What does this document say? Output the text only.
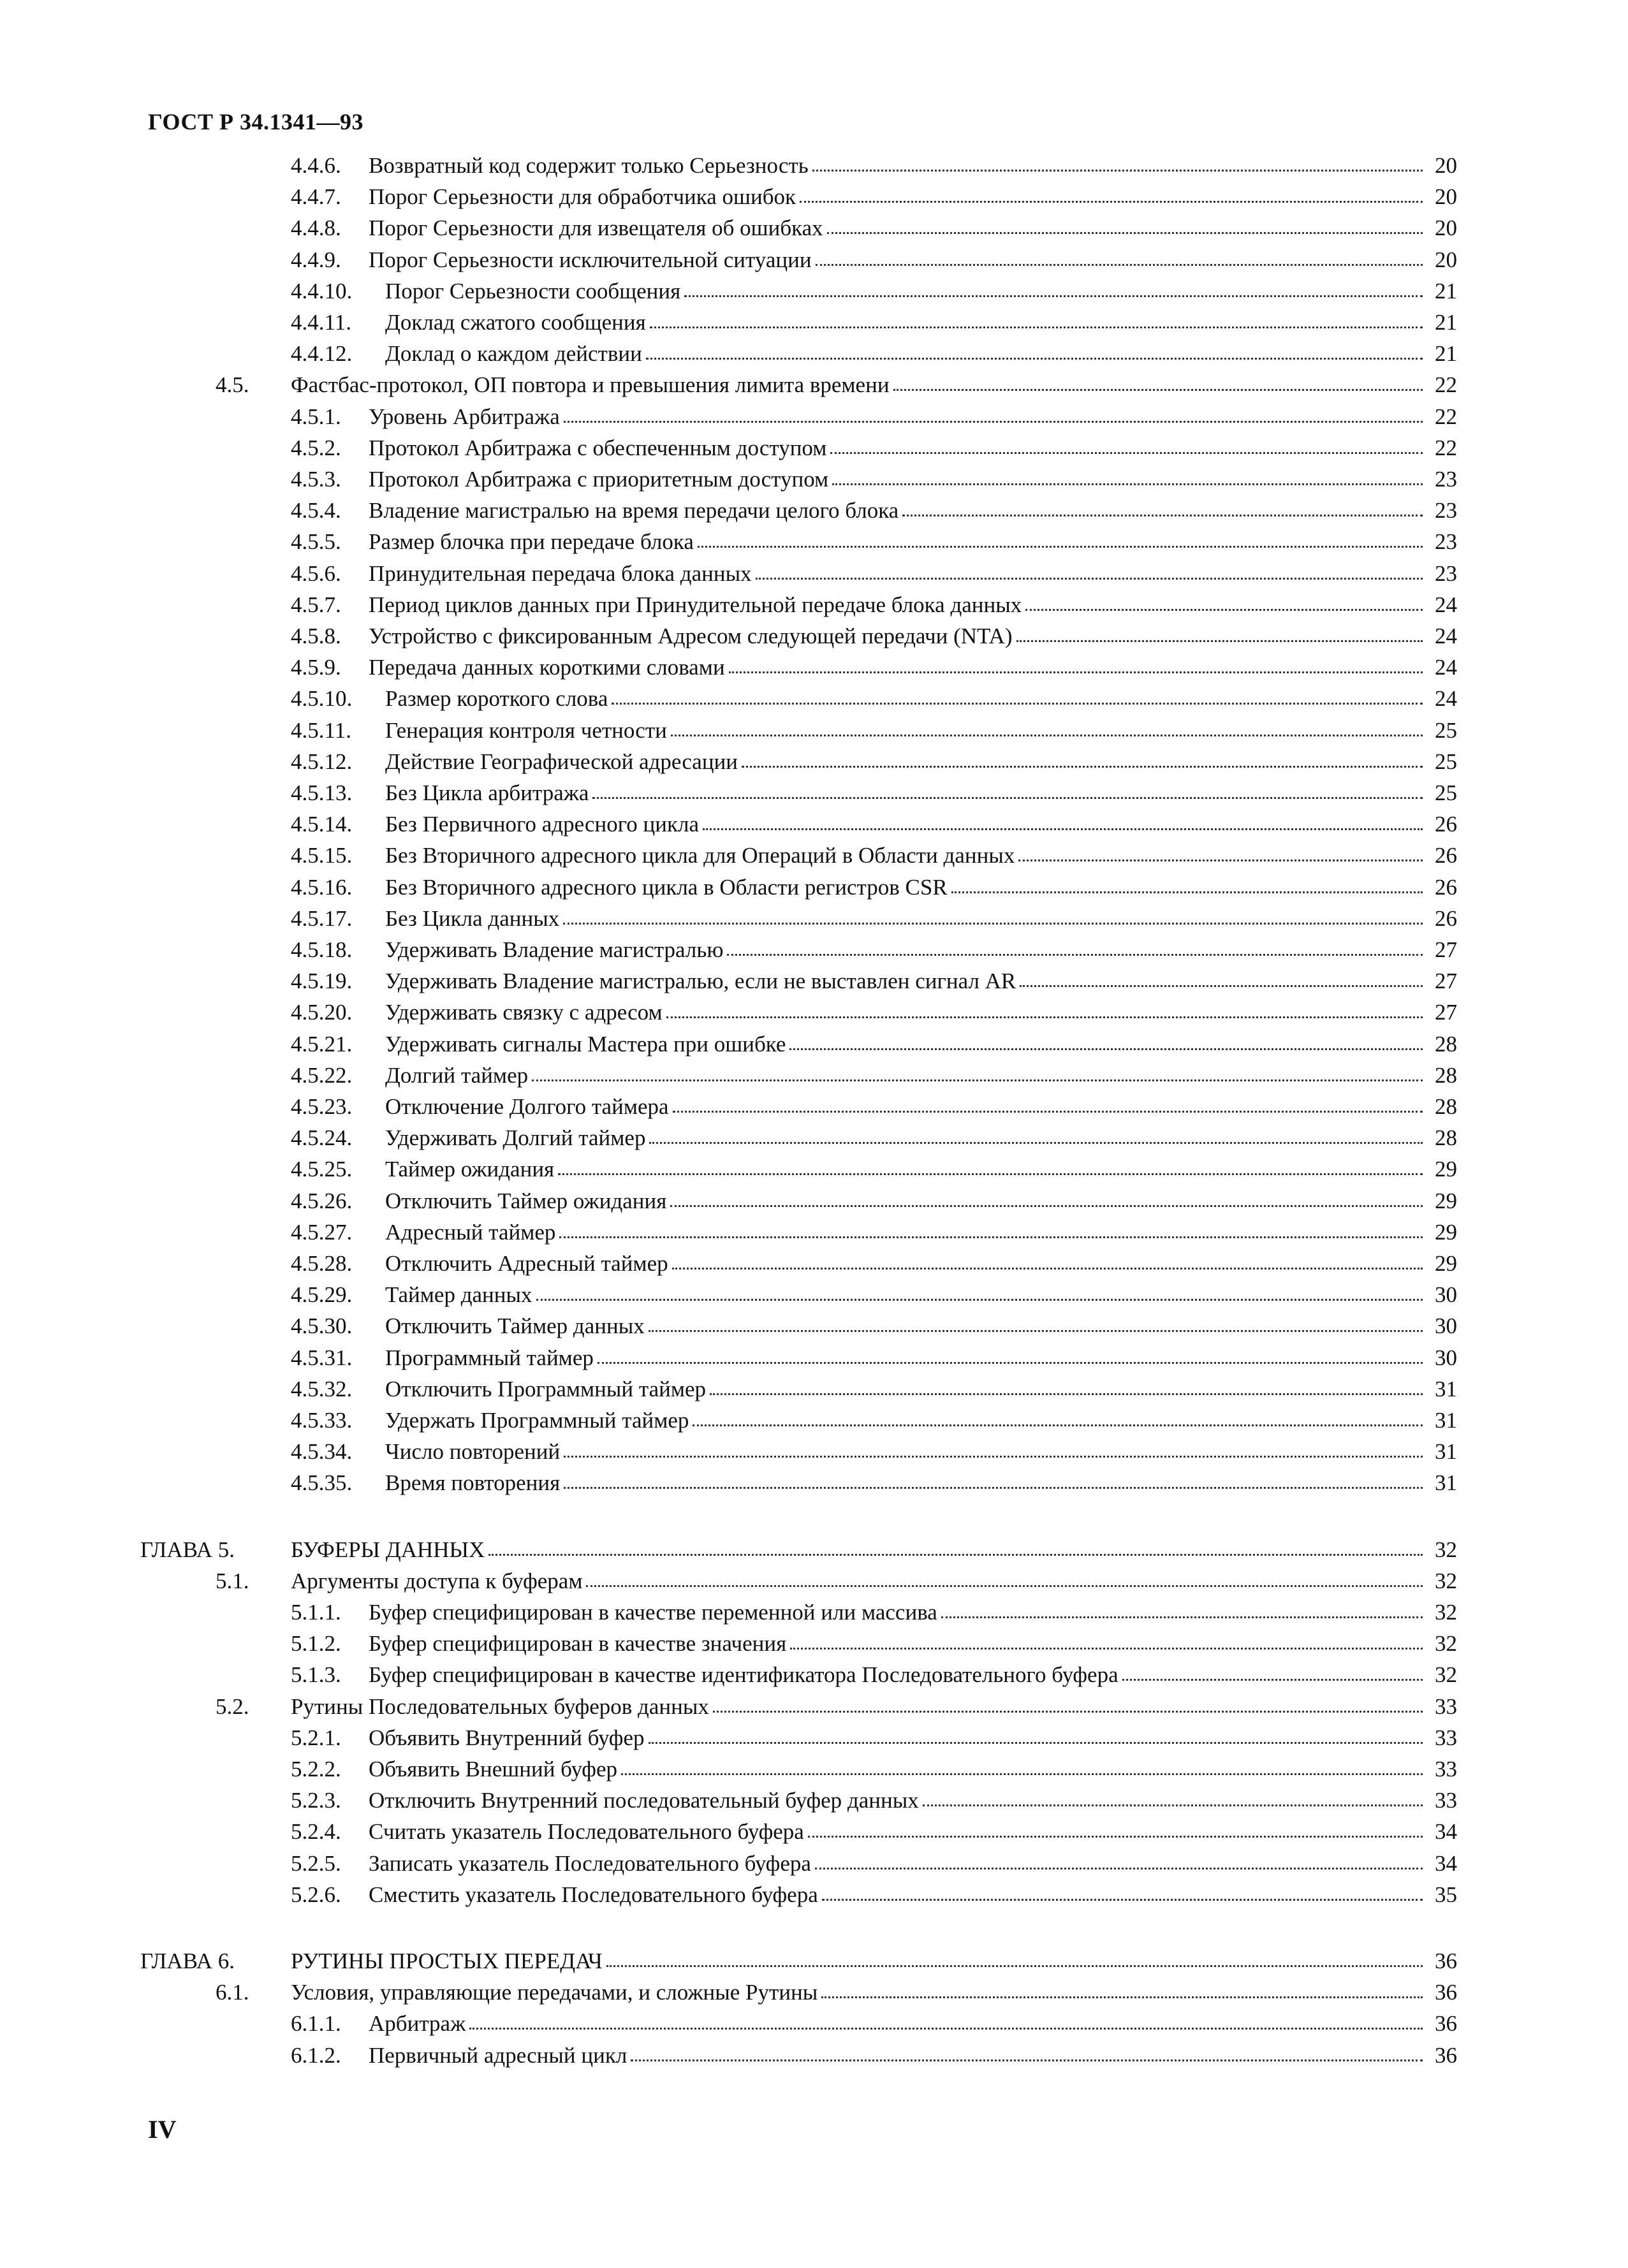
ГОСТ Р 34.1341—93
4.4.6. Возвратный код содержит только Серьезность	20
4.4.7. Порог Серьезности для обработчика ошибок	20
4.4.8. Порог Серьезности для извещателя об ошибках	20
4.4.9. Порог Серьезности исключительной ситуации	20
4.4.10. Порог Серьезности сообщения	21
4.4.11. Доклад сжатого сообщения	21
4.4.12. Доклад о каждом действии	21
4.5. Фастбас-протокол, ОП повтора и превышения лимита времени	22
4.5.1. Уровень Арбитража	22
4.5.2. Протокол Арбитража с обеспеченным доступом	22
4.5.3. Протокол Арбитража с приоритетным доступом	23
4.5.4. Владение магистралью на время передачи целого блока	23
4.5.5. Размер блочка при передаче блока	23
4.5.6. Принудительная передача блока данных	23
4.5.7. Период циклов данных при Принудительной передаче блока данных	24
4.5.8. Устройство с фиксированным Адресом следующей передачи (NTA)	24
4.5.9. Передача данных короткими словами	24
4.5.10. Размер короткого слова	24
4.5.11. Генерация контроля четности	25
4.5.12. Действие Географической адресации	25
4.5.13. Без Цикла арбитража	25
4.5.14. Без Первичного адресного цикла	26
4.5.15. Без Вторичного адресного цикла для Операций в Области данных	26
4.5.16. Без Вторичного адресного цикла в Области регистров CSR	26
4.5.17. Без Цикла данных	26
4.5.18. Удерживать Владение магистралью	27
4.5.19. Удерживать Владение магистралью, если не выставлен сигнал AR	27
4.5.20. Удерживать связку с адресом	27
4.5.21. Удерживать сигналы Мастера при ошибке	28
4.5.22. Долгий таймер	28
4.5.23. Отключение Долгого таймера	28
4.5.24. Удерживать Долгий таймер	28
4.5.25. Таймер ожидания	29
4.5.26. Отключить Таймер ожидания	29
4.5.27. Адресный таймер	29
4.5.28. Отключить Адресный таймер	29
4.5.29. Таймер данных	30
4.5.30. Отключить Таймер данных	30
4.5.31. Программный таймер	30
4.5.32. Отключить Программный таймер	31
4.5.33. Удержать Программный таймер	31
4.5.34. Число повторений	31
4.5.35. Время повторения	31
ГЛАВА 5.	БУФЕРЫ ДАННЫХ	32
5.1. Аргументы доступа к буферам	32
5.1.1. Буфер специфицирован в качестве переменной или массива	32
5.1.2. Буфер специфицирован в качестве значения	32
5.1.3. Буфер специфицирован в качестве идентификатора Последовательного буфера	32
5.2. Рутины Последовательных буферов данных	33
5.2.1. Объявить Внутренний буфер	33
5.2.2. Объявить Внешний буфер	33
5.2.3. Отключить Внутренний последовательный буфер данных	33
5.2.4. Считать указатель Последовательного буфера	34
5.2.5. Записать указатель Последовательного буфера	34
5.2.6. Сместить указатель Последовательного буфера	35
ГЛАВА 6.	РУТИНЫ ПРОСТЫХ ПЕРЕДАЧ	36
6.1. Условия, управляющие передачами, и сложные Рутины	36
6.1.1. Арбитраж	36
6.1.2. Первичный адресный цикл	36
IV
